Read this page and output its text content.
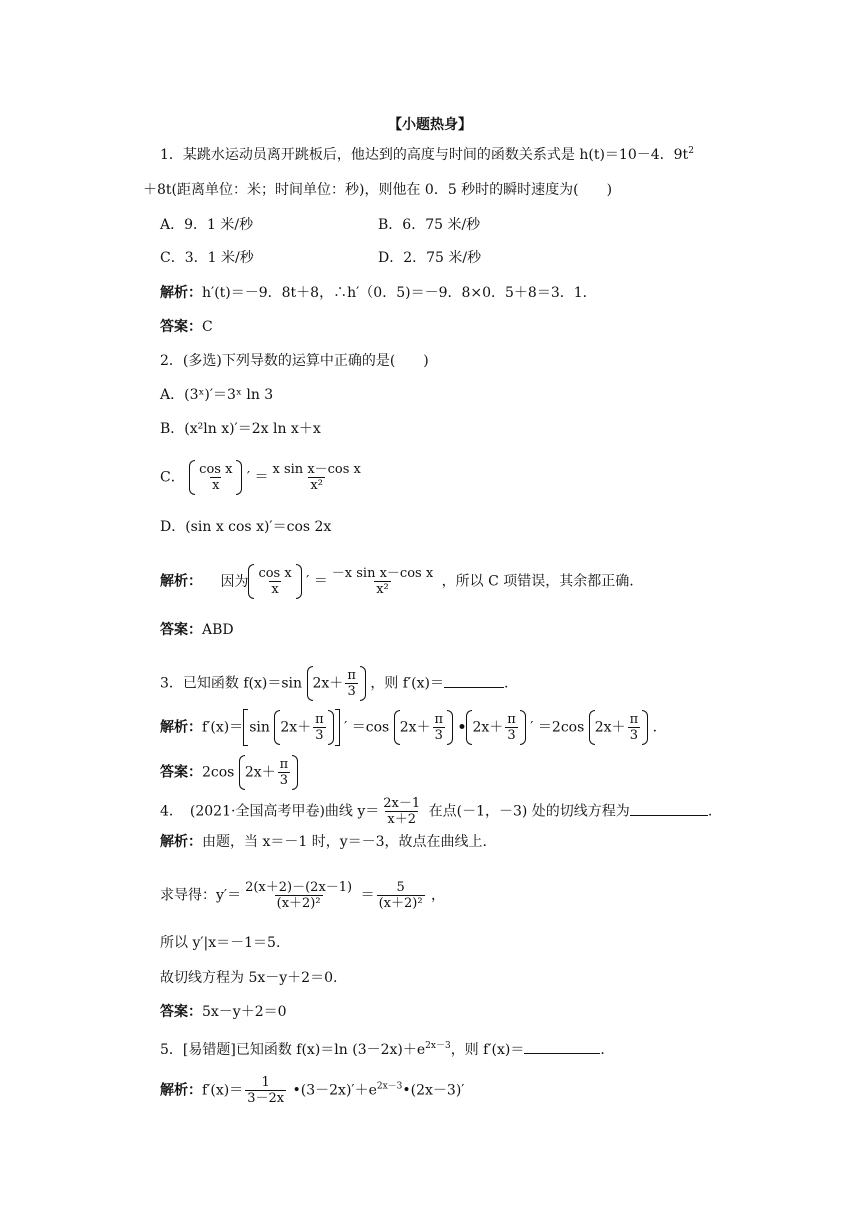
【小题热身】
1．某跳水运动员离开跳板后，他达到的高度与时间的函数关系式是 h(t)＝10－4．$9t^2$
＋8t(距离单位：米；时间单位：秒)，则他在 0．5 秒时的瞬时速度为(　　)
A．9．1 米/秒	B．6．75 米/秒
C．3．1 米/秒	D．2．75 米/秒
解析：h′(t)＝－9．8t＋8，∴h′（0．5)＝－9．8×0．5＋8＝3．1．
答案：C
2．(多选)下列导数的运算中正确的是(　　)
A．(3ˣ)′＝3ˣ ln 3
B．(x²ln x)′＝2x ln x＋x
C． $\frac{\text{cos x}}{x}$ ′ ＝ $\frac{\text{x sin x－cos x}}{\text{x²}}$
D．(sin x cos x)′＝cos 2x
解析： 因为 $\frac{\text{cos x}}{x}$ ′ ＝ $\frac{\text{－x sin x－cos x}}{\text{x²}}$ ，所以 C 项错误，其余都正确.
答案：ABD
3．已知函数 f(x)＝sin $2x+ \frac{\pi}{3}$ ，则 f′(x)＝	.
解析：$f'(x)= \sin 2x+ \frac{\pi}{3}$ ′ ＝cos $2x+ \frac{\pi}{3}$ • $2x+ \frac{\pi}{3}$ ′ ＝2cos $2x+ \frac{\pi}{3}$ .
答案：2cos $2x+ \frac{\pi}{3}$
4．　(2021·全国高考甲卷)曲线 $y= \frac{2x-1}{x+2}$ 在点(－1，－3) 处的切线方程为	.
解析：由题，当 x＝－1 时，y＝－3，故点在曲线上.
求导得：$y'= \frac{2(x+2)-(2x-1)}{\text{(x＋2)²}} = \frac{5}{\text{(x＋2)²}}$ ，
所以 y′|x＝－1＝5.
故切线方程为 5x－y＋2＝0.
答案：5x－y＋2＝0
5．[易错题]已知函数 f(x)＝ln $(3-2x)+e^{2x-3}$，则 f′(x)＝	．
解析：$f'(x)= \frac{1}{3-2x}$ $•(3-2x)'+e^{2x-3}•(2x-3)'$
